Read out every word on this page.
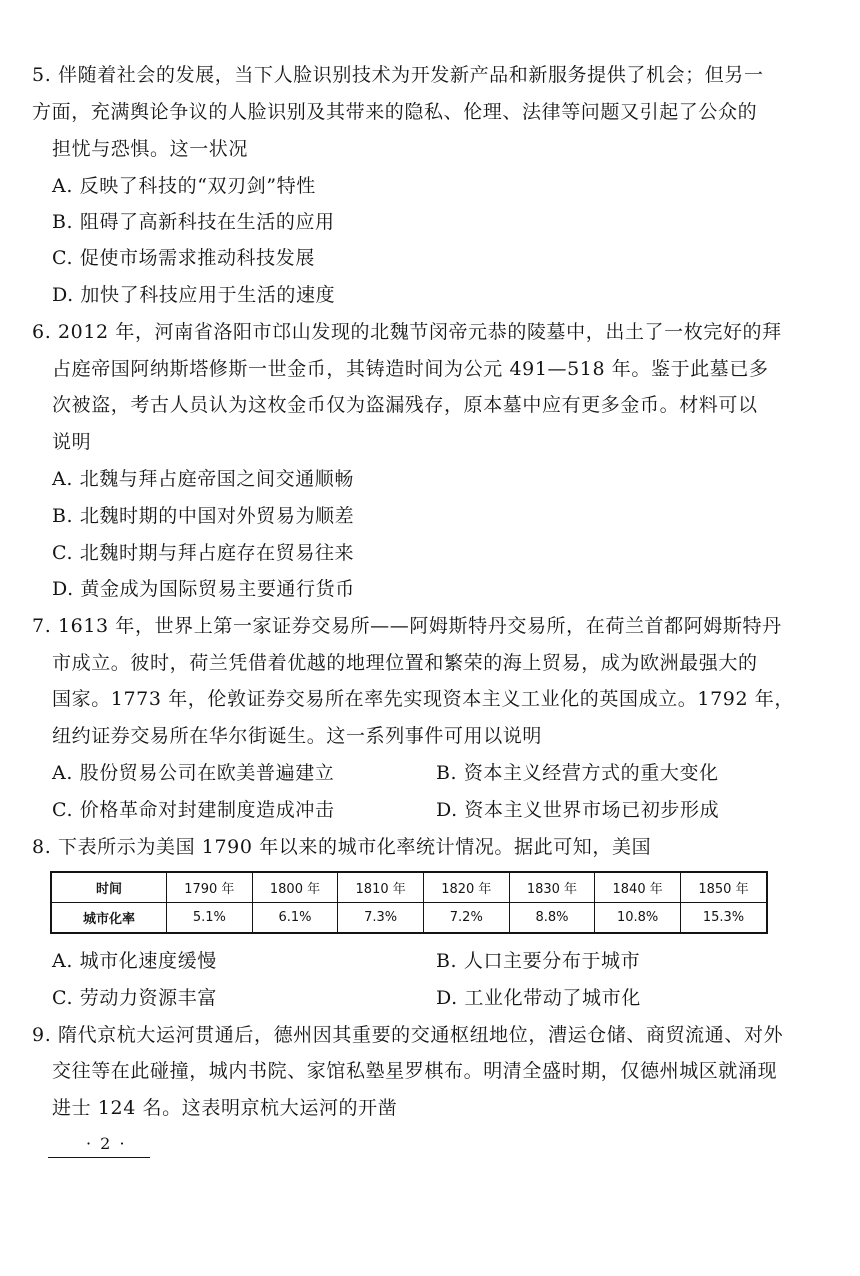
5. 伴随着社会的发展，当下人脸识别技术为开发新产品和新服务提供了机会；但另一
方面，充满舆论争议的人脸识别及其带来的隐私、伦理、法律等问题又引起了公众的
担忧与恐惧。这一状况
A. 反映了科技的“双刃剑”特性
B. 阻碍了高新科技在生活的应用
C. 促使市场需求推动科技发展
D. 加快了科技应用于生活的速度
6. 2012 年，河南省洛阳市邙山发现的北魏节闵帝元恭的陵墓中，出土了一枚完好的拜
占庭帝国阿纳斯塔修斯一世金币，其铸造时间为公元 491—518 年。鉴于此墓已多
次被盗，考古人员认为这枚金币仅为盗漏残存，原本墓中应有更多金币。材料可以
说明
A. 北魏与拜占庭帝国之间交通顺畅
B. 北魏时期的中国对外贸易为顺差
C. 北魏时期与拜占庭存在贸易往来
D. 黄金成为国际贸易主要通行货币
7. 1613 年，世界上第一家证券交易所——阿姆斯特丹交易所，在荷兰首都阿姆斯特丹
市成立。彼时，荷兰凭借着优越的地理位置和繁荣的海上贸易，成为欧洲最强大的
国家。1773 年，伦敦证券交易所在率先实现资本主义工业化的英国成立。1792 年，
纽约证券交易所在华尔街诞生。这一系列事件可用以说明
A. 股份贸易公司在欧美普遍建立	B. 资本主义经营方式的重大变化
C. 价格革命对封建制度造成冲击	D. 资本主义世界市场已初步形成
8. 下表所示为美国 1790 年以来的城市化率统计情况。据此可知，美国
时间	1790 年	1800 年	1810 年	1820 年	1830 年	1840 年	1850 年
城市化率	5.1%	6.1%	7.3%	7.2%	8.8%	10.8%	15.3%
A. 城市化速度缓慢	B. 人口主要分布于城市
C. 劳动力资源丰富	D. 工业化带动了城市化
9. 隋代京杭大运河贯通后，德州因其重要的交通枢纽地位，漕运仓储、商贸流通、对外
交往等在此碰撞，城内书院、家馆私塾星罗棋布。明清全盛时期，仅德州城区就涌现
进士 124 名。这表明京杭大运河的开凿
· 2 ·
